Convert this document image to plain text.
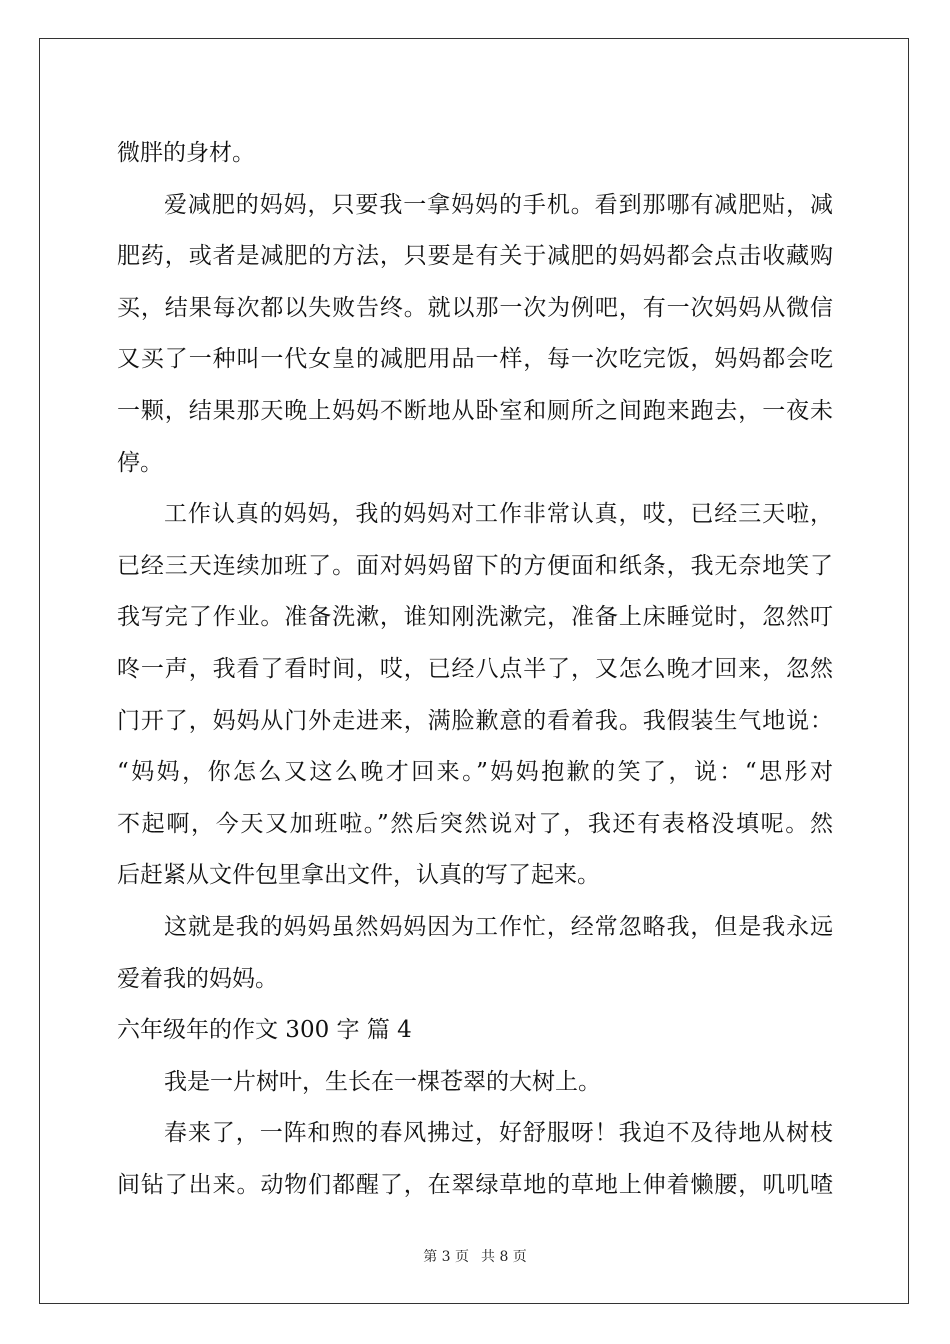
微胖的身材。
爱减肥的妈妈，只要我一拿妈妈的手机。看到那哪有减肥贴，减
肥药，或者是减肥的方法，只要是有关于减肥的妈妈都会点击收藏购
买，结果每次都以失败告终。就以那一次为例吧，有一次妈妈从微信
又买了一种叫一代女皇的减肥用品一样，每一次吃完饭，妈妈都会吃
一颗，结果那天晚上妈妈不断地从卧室和厕所之间跑来跑去，一夜未
停。
工作认真的妈妈，我的妈妈对工作非常认真，哎，已经三天啦，
已经三天连续加班了。面对妈妈留下的方便面和纸条，我无奈地笑了
我写完了作业。准备洗漱，谁知刚洗漱完，准备上床睡觉时，忽然叮
咚一声，我看了看时间，哎，已经八点半了，又怎么晚才回来，忽然
门开了，妈妈从门外走进来，满脸歉意的看着我。我假装生气地说：
“妈妈，你怎么又这么晚才回来。”妈妈抱歉的笑了，说：“思彤对
不起啊，今天又加班啦。”然后突然说对了，我还有表格没填呢。然
后赶紧从文件包里拿出文件，认真的写了起来。
这就是我的妈妈虽然妈妈因为工作忙，经常忽略我，但是我永远
爱着我的妈妈。
六年级年的作文 300 字 篇 4
我是一片树叶，生长在一棵苍翠的大树上。
春来了，一阵和煦的春风拂过，好舒服呀！我迫不及待地从树枝
间钻了出来。动物们都醒了，在翠绿草地的草地上伸着懒腰，叽叽喳
第 3 页 共 8 页
